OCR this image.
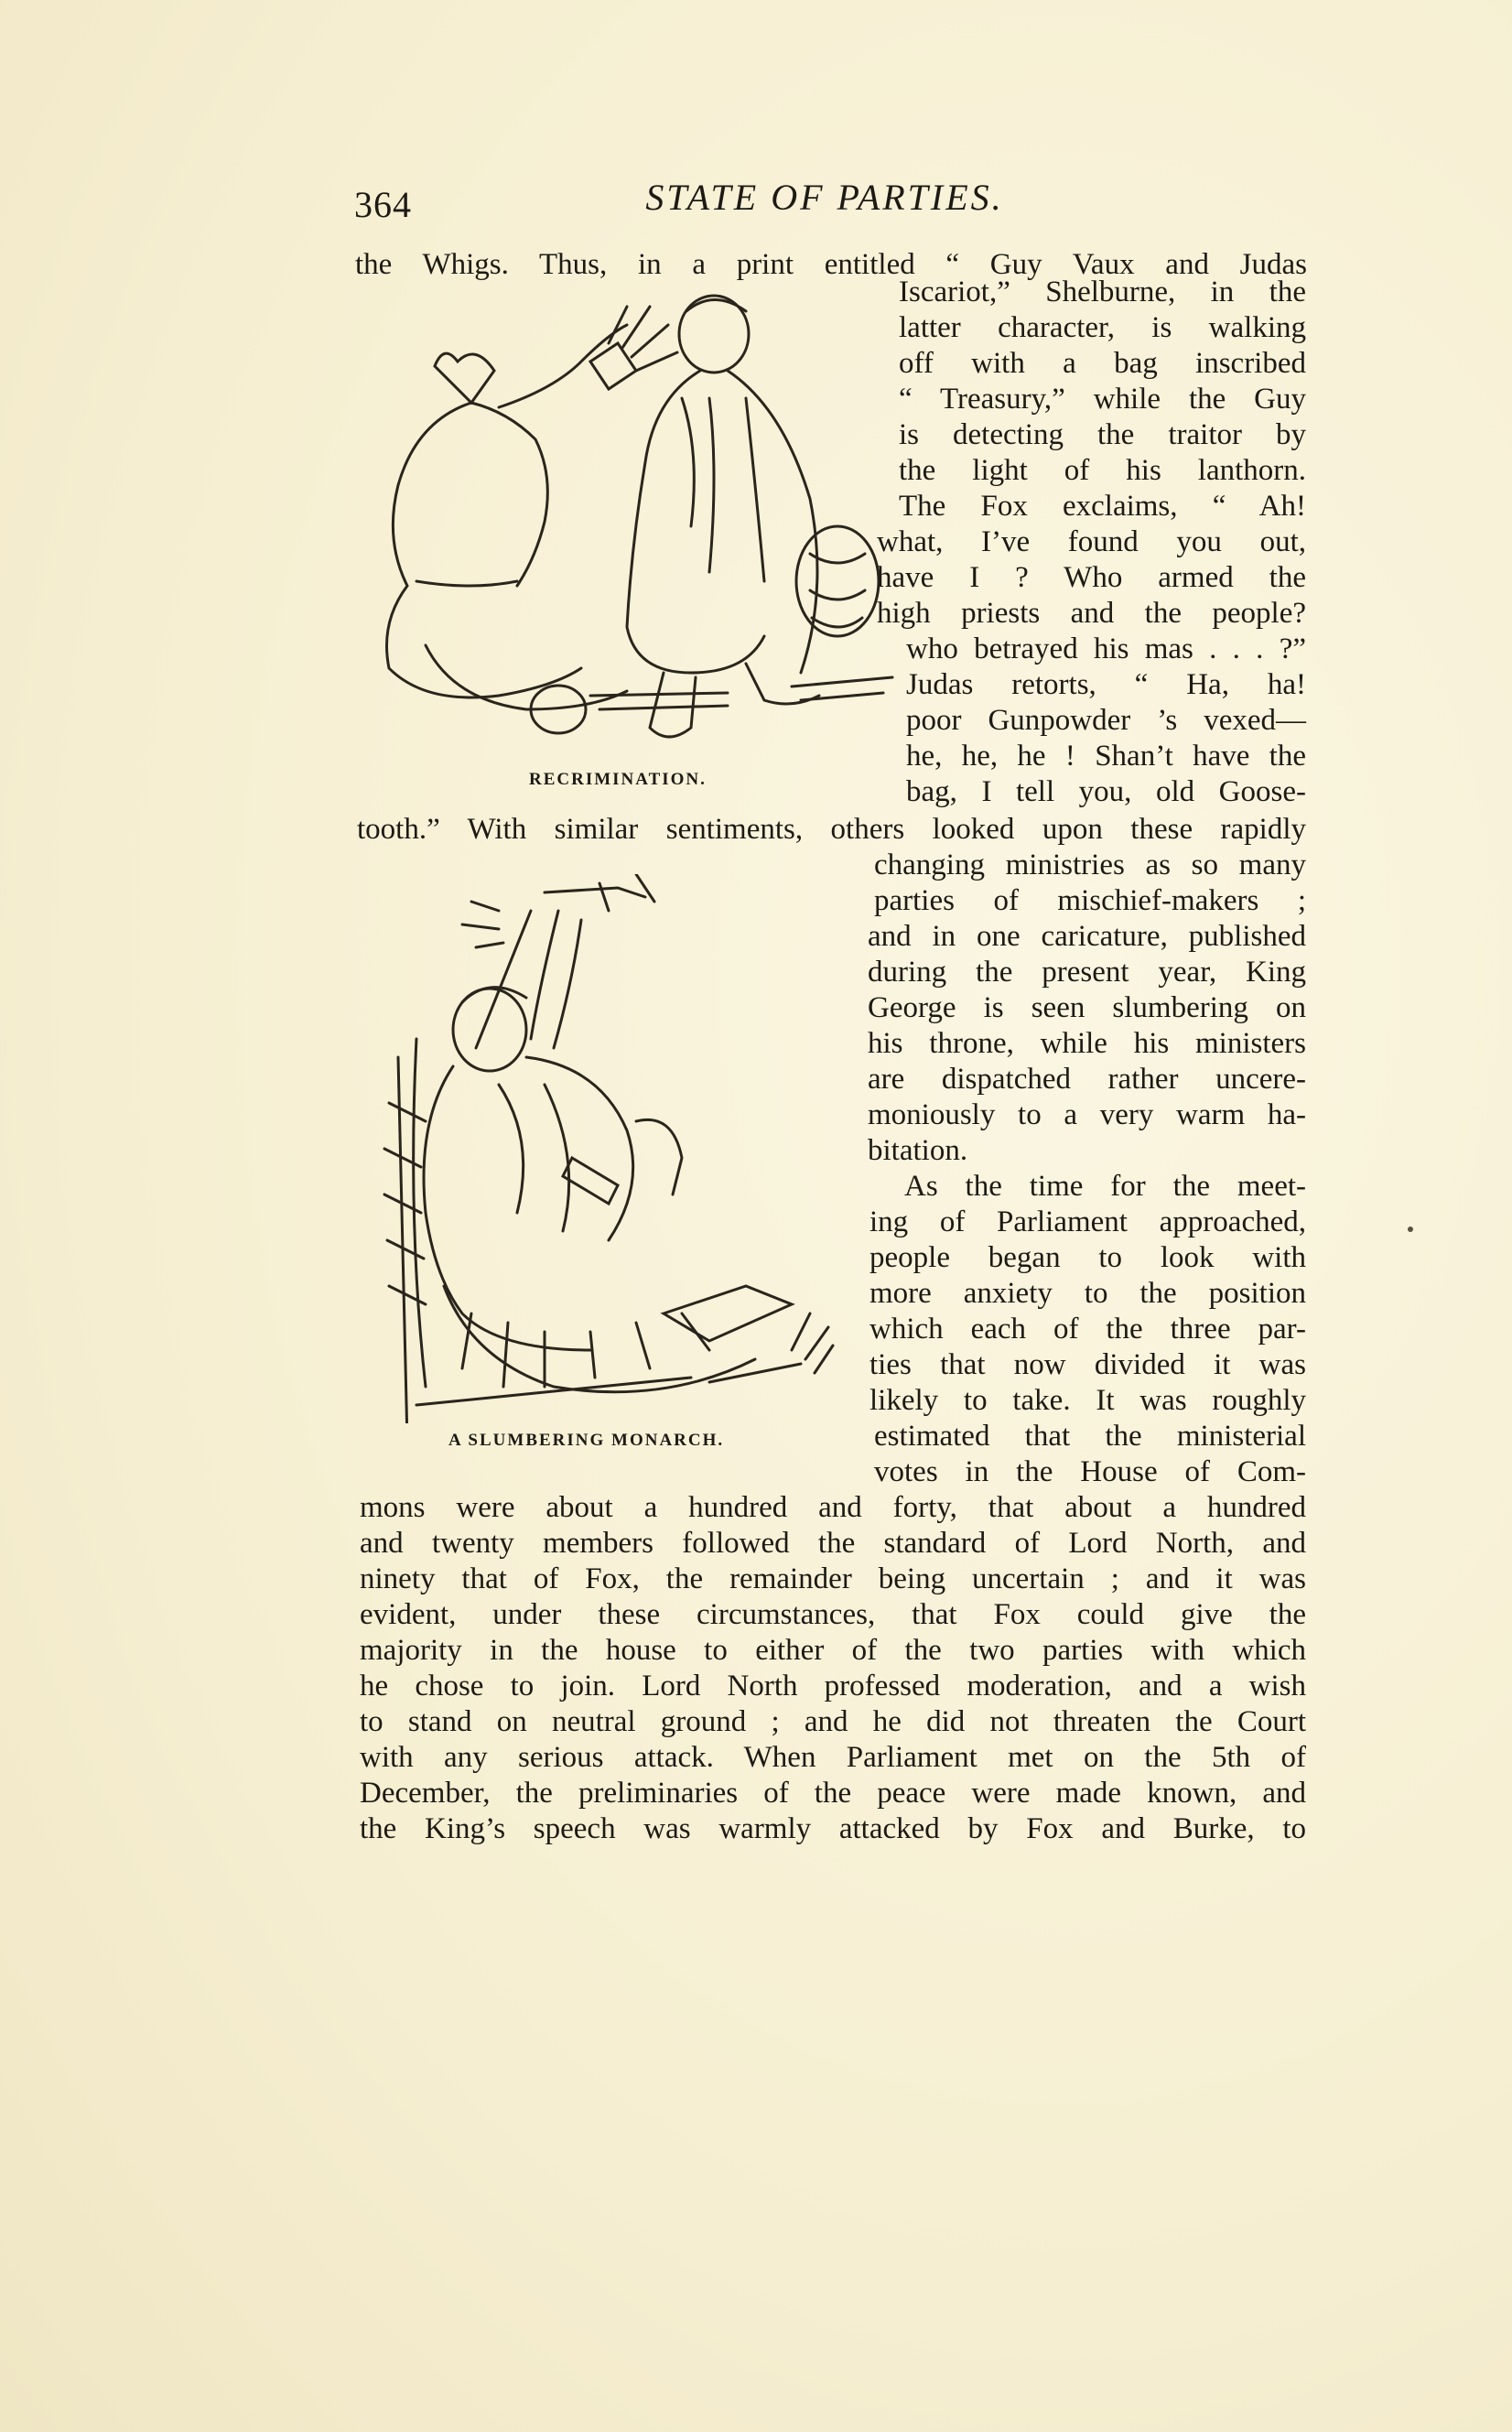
364	STATE OF PARTIES.
RECRIMINATION.
A SLUMBERING MONARCH.
the Whigs. Thus, in a print entitled “ Guy Vaux and Judas
Iscariot,” Shelburne, in the
latter character, is walking
off with a bag inscribed
“ Treasury,” while the Guy
is detecting the traitor by
the light of his lanthorn.
The Fox exclaims, “ Ah!
what, I’ve found you out,
have I ? Who armed the
high priests and the people?
who betrayed his mas . . . ?”
Judas retorts, “ Ha, ha!
poor Gunpowder ’s vexed—
he, he, he ! Shan’t have the
bag, I tell you, old Goose-
tooth.” With similar sentiments, others looked upon these rapidly
changing ministries as so many
parties of mischief-makers ;
and in one caricature, published
during the present year, King
George is seen slumbering on
his throne, while his ministers
are dispatched rather uncere-
moniously to a very warm ha-
bitation.
As the time for the meet-
ing of Parliament approached,
people began to look with
more anxiety to the position
which each of the three par-
ties that now divided it was
likely to take. It was roughly
estimated that the ministerial
votes in the House of Com-
mons were about a hundred and forty, that about a hundred
and twenty members followed the standard of Lord North, and
ninety that of Fox, the remainder being uncertain ; and it was
evident, under these circumstances, that Fox could give the
majority in the house to either of the two parties with which
he chose to join. Lord North professed moderation, and a wish
to stand on neutral ground ; and he did not threaten the Court
with any serious attack. When Parliament met on the 5th of
December, the preliminaries of the peace were made known, and
the King’s speech was warmly attacked by Fox and Burke, to
